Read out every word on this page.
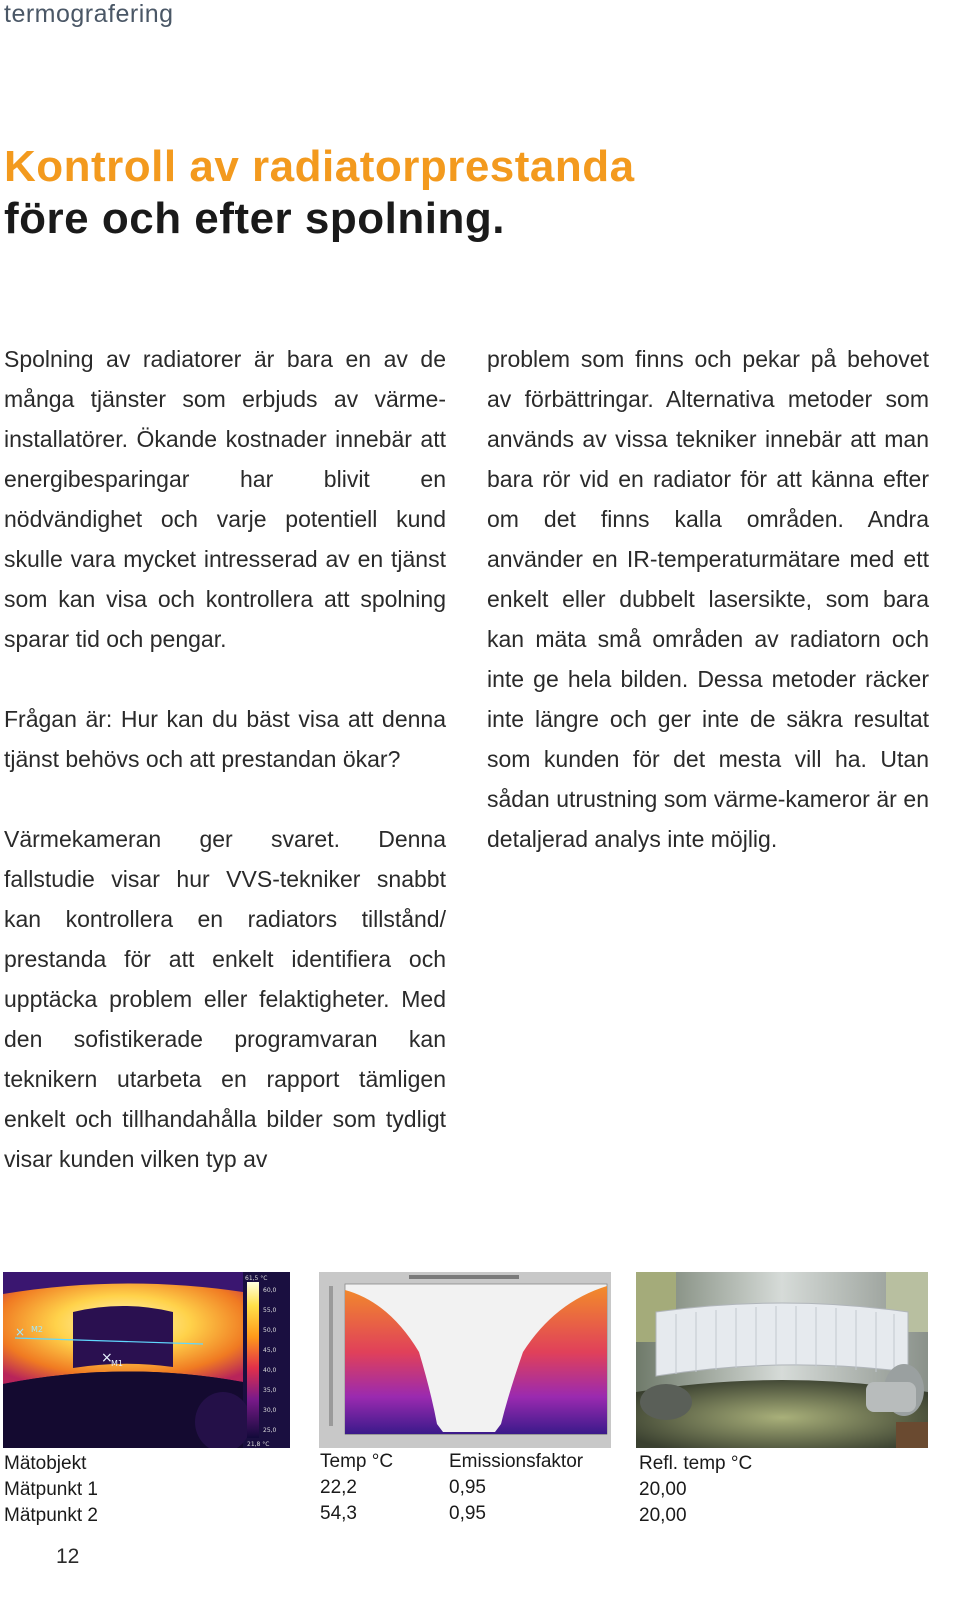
termografering
Kontroll av radiatorprestanda
före och efter spolning.

Spolning av radiatorer är bara en av de många tjänster som erbjuds av värme-installatörer. Ökande kostnader innebär att energibesparingar har blivit en nödvändighet och varje potentiell kund skulle vara mycket intresserad av en tjänst som kan visa och kontrollera att spolning sparar tid och pengar.

Frågan är: Hur kan du bäst visa att denna tjänst behövs och att prestandan ökar?

Värmekameran ger svaret. Denna fallstudie visar hur VVS-tekniker snabbt kan kontrollera en radiators tillstånd/ prestanda för att enkelt identifiera och upptäcka problem eller felaktigheter. Med den sofistikerade programvaran kan teknikern utarbeta en rapport tämligen enkelt och tillhandahålla bilder som tydligt visar kunden vilken typ av

problem som finns och pekar på behovet av förbättringar. Alternativa metoder som används av vissa tekniker innebär att man bara rör vid en radiator för att känna efter om det finns kalla områden. Andra använder en IR-temperaturmätare med ett enkelt eller dubbelt lasersikte, som bara kan mäta små områden av radiatorn och inte ge hela bilden. Dessa metoder räcker inte längre och ger inte de säkra resultat som kunden för det mesta vill ha. Utan sådan utrustning som värme-kameror är en detaljerad analys inte möjlig.

×
×
M1
M2
61,5 °C
21,8 °C
60,0
55,0
50,0
45,0
40,0
35,0
30,0
25,0
Mätobjekt
Mätpunkt 1
Mätpunkt 2
Temp °C
22,2
54,3
Emissionsfaktor
0,95
0,95
Refl. temp °C
20,00
20,00
12
